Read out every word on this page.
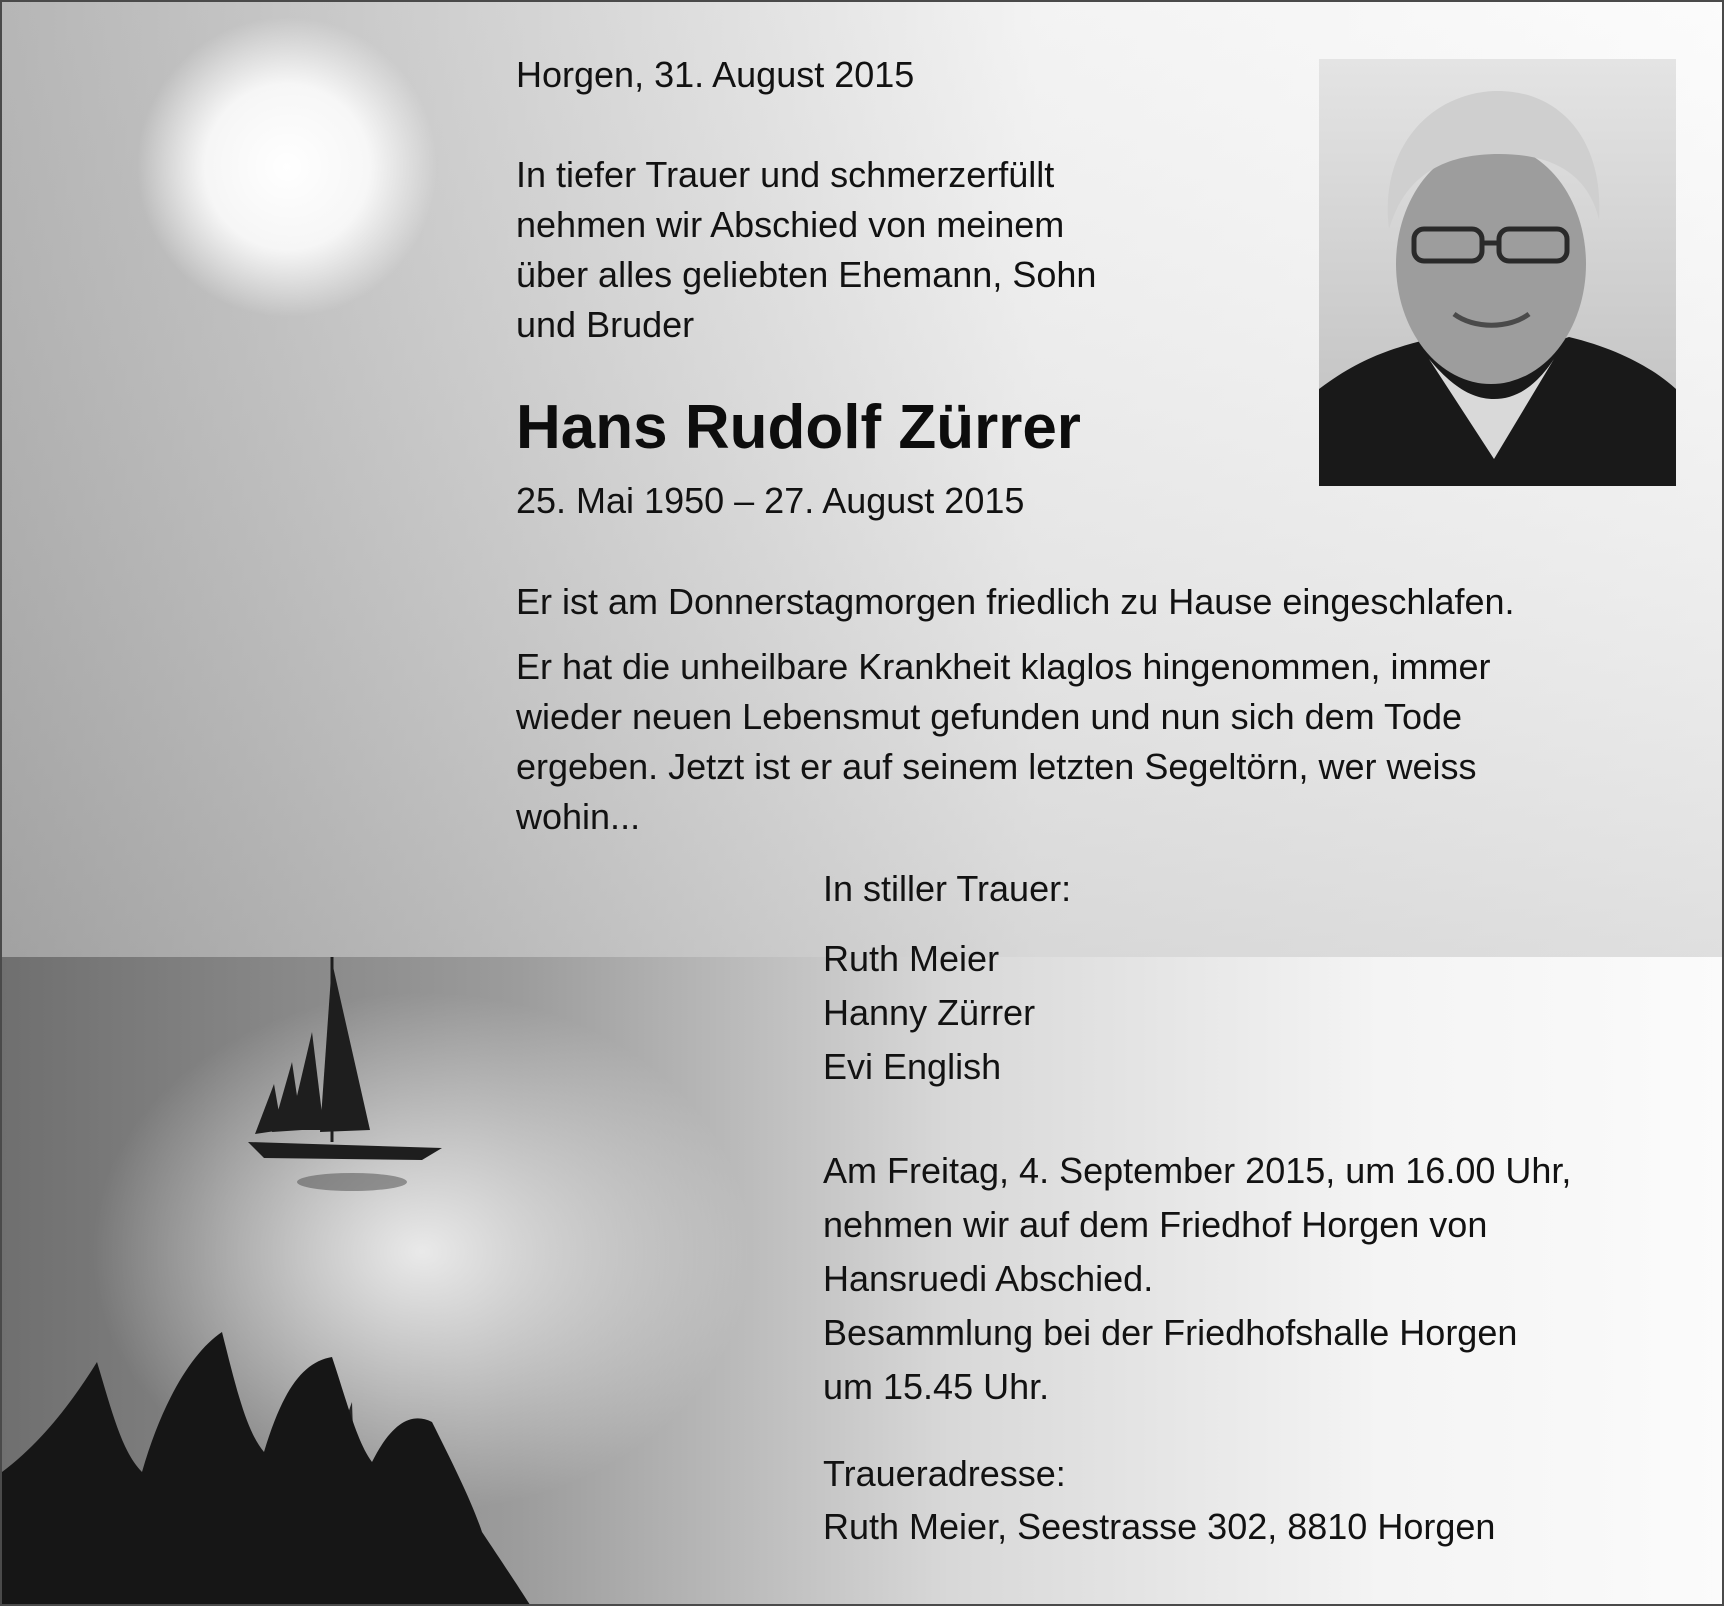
Horgen, 31. August 2015

In tiefer Trauer und schmerzerfüllt
nehmen wir Abschied von meinem
über alles geliebten Ehemann, Sohn
und Bruder

Hans Rudolf Zürrer

25. Mai 1950 – 27. August 2015

Er ist am Donnerstagmorgen friedlich zu Hause eingeschlafen.

Er hat die unheilbare Krankheit klaglos hingenommen, immer
wieder neuen Lebensmut gefunden und nun sich dem Tode
ergeben. Jetzt ist er auf seinem letzten Segeltörn, wer weiss
wohin...

In stiller Trauer:

Ruth Meier

Hanny Zürrer

Evi English

Am Freitag, 4. September 2015, um 16.00 Uhr,
nehmen wir auf dem Friedhof Horgen von
Hansruedi Abschied.
Besammlung bei der Friedhofshalle Horgen
um 15.45 Uhr.

Traueradresse:

Ruth Meier, Seestrasse 302, 8810 Horgen
